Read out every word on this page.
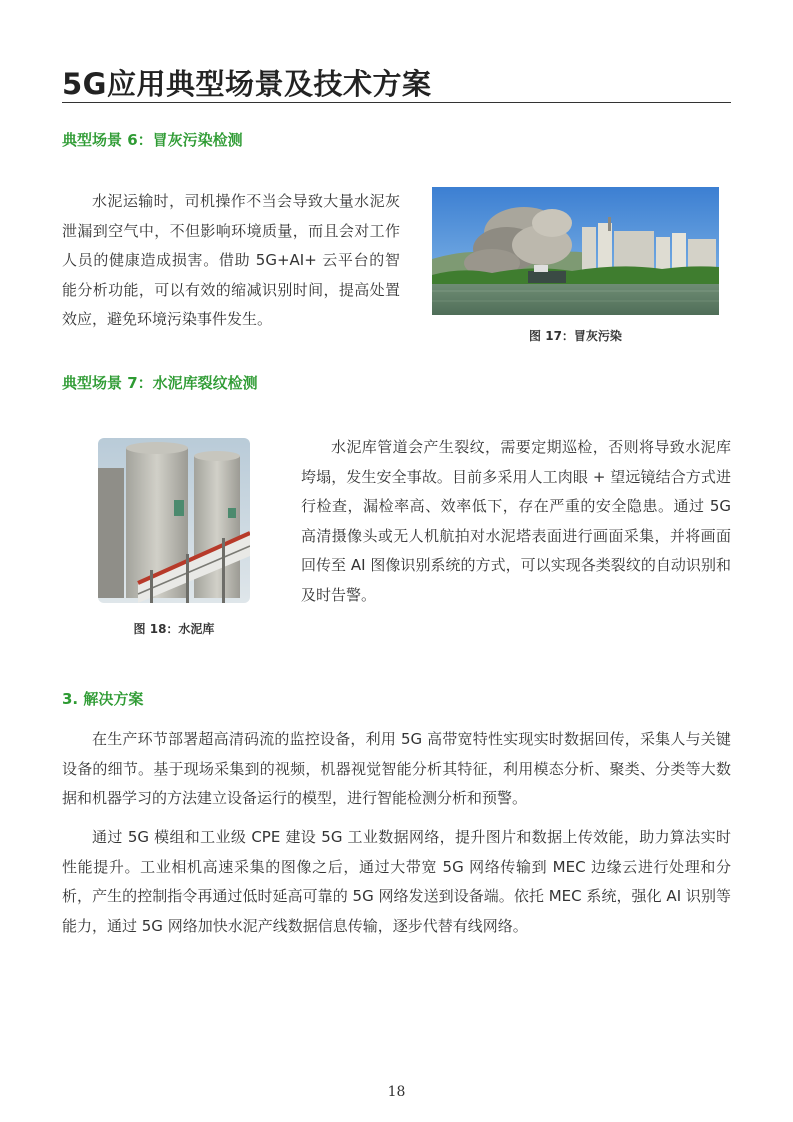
5G应用典型场景及技术方案
典型场景 6：冒灰污染检测

水泥运输时，司机操作不当会导致大量水泥灰泄漏到空气中，不但影响环境质量，而且会对工作人员的健康造成损害。借助 5G+AI+ 云平台的智能分析功能，可以有效的缩减识别时间，提高处置效应，避免环境污染事件发生。

图 17：冒灰污染

典型场景 7：水泥库裂纹检测

图 18：水泥库

水泥库管道会产生裂纹，需要定期巡检，否则将导致水泥库垮塌，发生安全事故。目前多采用人工肉眼 + 望远镜结合方式进行检查，漏检率高、效率低下，存在严重的安全隐患。通过 5G 高清摄像头或无人机航拍对水泥塔表面进行画面采集，并将画面回传至 AI 图像识别系统的方式，可以实现各类裂纹的自动识别和及时告警。

3. 解决方案

在生产环节部署超高清码流的监控设备，利用 5G 高带宽特性实现实时数据回传，采集人与关键设备的细节。基于现场采集到的视频，机器视觉智能分析其特征，利用模态分析、聚类、分类等大数据和机器学习的方法建立设备运行的模型，进行智能检测分析和预警。

通过 5G 模组和工业级 CPE 建设 5G 工业数据网络，提升图片和数据上传效能，助力算法实时性能提升。工业相机高速采集的图像之后，通过大带宽 5G 网络传输到 MEC 边缘云进行处理和分析，产生的控制指令再通过低时延高可靠的 5G 网络发送到设备端。依托 MEC 系统，强化 AI 识别等能力，通过 5G 网络加快水泥产线数据信息传输，逐步代替有线网络。

18
